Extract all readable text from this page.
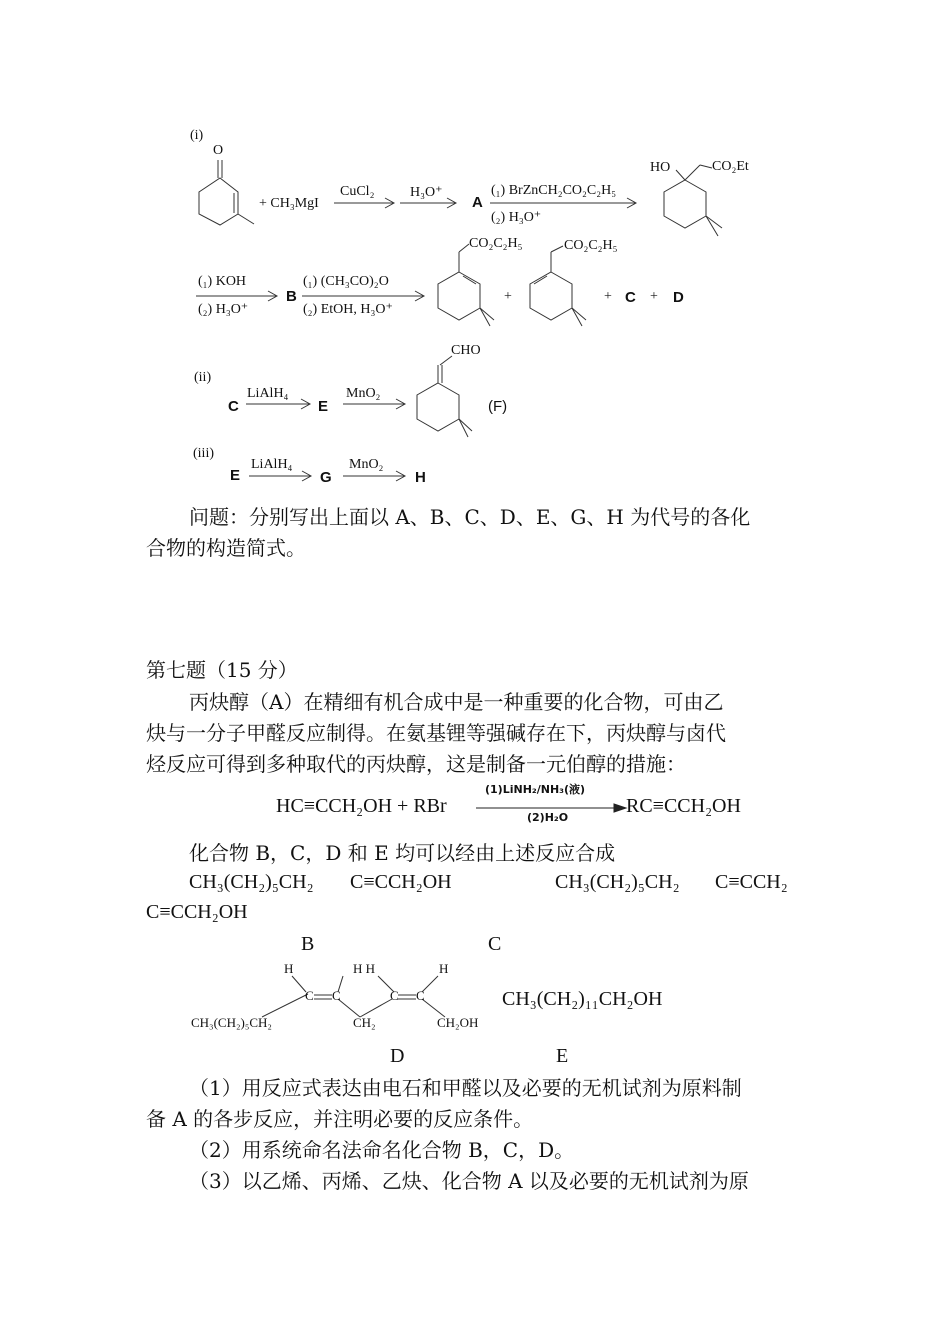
(i)
O
+ CH₃MgI
CuCl₂	H₃O⁺
A
(₁) BrZnCH₂CO₂C₂H₅
(₂) H₃O⁺
HO	CO₂Et
(₁) KOH
(₂) H₃O⁺
B
(₁) (CH₃CO)₂O
(₂) EtOH, H₃O⁺
CO₂C₂H₅
+
CO₂C₂H₅
+ C + D
(ii)
C
LiAlH₄
E
MnO₂
CHO
(F)
(iii)
E
LiAlH₄
G
MnO₂
H
问题：分别写出上面以 A、B、C、D、E、G、H 为代号的各化
合物的构造简式。
第七题（15 分）
丙炔醇（A）在精细有机合成中是一种重要的化合物，可由乙
炔与一分子甲醛反应制得。在氨基锂等强碱存在下，丙炔醇与卤代
烃反应可得到多种取代的丙炔醇，这是制备一元伯醇的措施：
HC≡CCH₂OH + RBr
(1)LiNH₂/NH₃(液)
(2)H₂O
RC≡CCH₂OH
化合物 B，C，D 和 E 均可以经由上述反应合成
CH₃(CH₂)₅CH₂ C≡CCH₂OH	CH₃(CH₂)₅CH₂ C≡CCH₂
C≡CCH₂OH
B	C
H	H H	H
C C	C C
CH₃(CH₂)₅CH₂	CH₂	CH₂OH
CH₃(CH₂)₁₁CH₂OH
D	E
（1）用反应式表达由电石和甲醛以及必要的无机试剂为原料制
备 A 的各步反应，并注明必要的反应条件。
（2）用系统命名法命名化合物 B，C，D。
（3）以乙烯、丙烯、乙炔、化合物 A 以及必要的无机试剂为原
